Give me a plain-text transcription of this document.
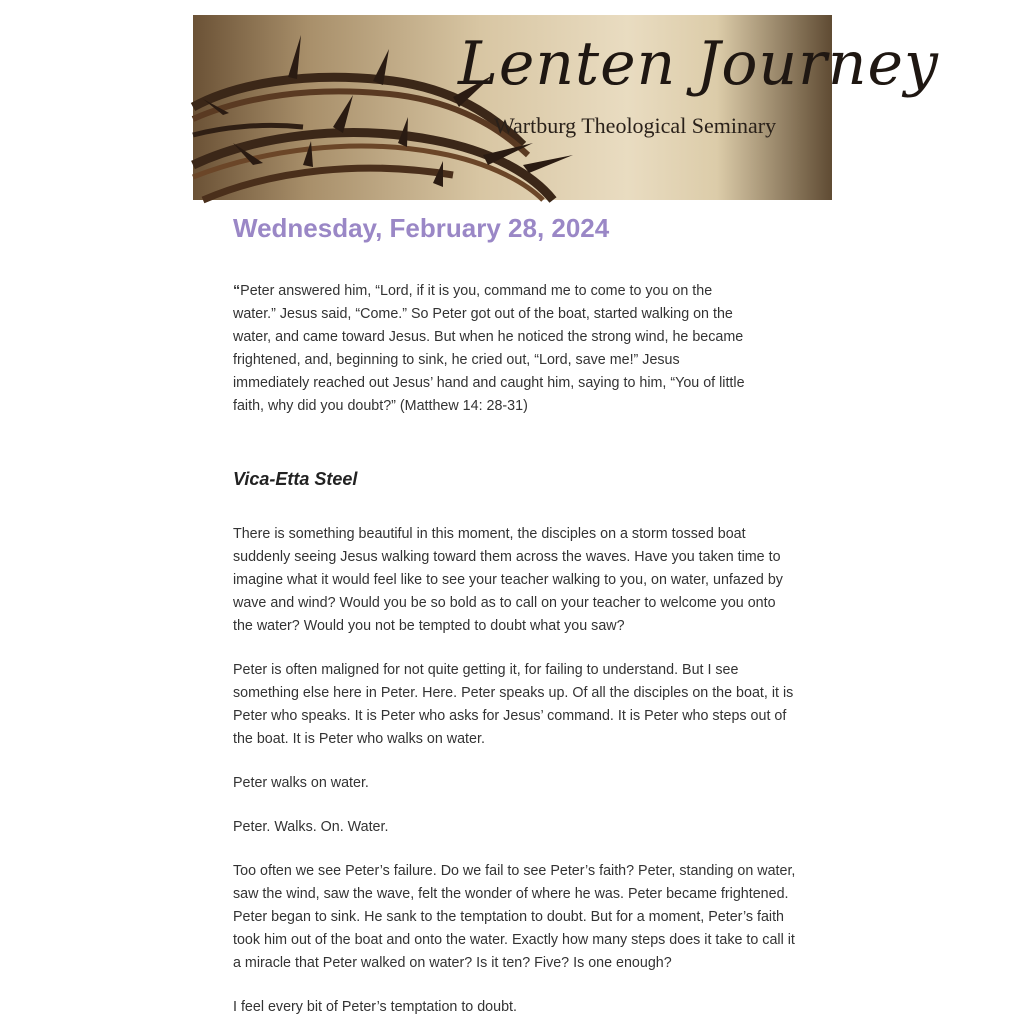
Lenten Journey
Wartburg Theological Seminary
Wednesday, February 28, 2024

“Peter answered him, “Lord, if it is you, command me to come to you on the water.” Jesus said, “Come.” So Peter got out of the boat, started walking on the water, and came toward Jesus. But when he noticed the strong wind, he became frightened, and, beginning to sink, he cried out, “Lord, save me!” Jesus immediately reached out Jesus’ hand and caught him, saying to him, “You of little faith, why did you doubt?” (Matthew 14: 28-31)

Vica-Etta Steel

There is something beautiful in this moment, the disciples on a storm tossed boat suddenly seeing Jesus walking toward them across the waves. Have you taken time to imagine what it would feel like to see your teacher walking to you, on water, unfazed by wave and wind? Would you be so bold as to call on your teacher to welcome you onto the water? Would you not be tempted to doubt what you saw?

Peter is often maligned for not quite getting it, for failing to understand. But I see something else here in Peter. Here. Peter speaks up. Of all the disciples on the boat, it is Peter who speaks. It is Peter who asks for Jesus’ command. It is Peter who steps out of the boat. It is Peter who walks on water.

Peter walks on water.

Peter. Walks. On. Water.

Too often we see Peter’s failure. Do we fail to see Peter’s faith? Peter, standing on water, saw the wind, saw the wave, felt the wonder of where he was. Peter became frightened. Peter began to sink. He sank to the temptation to doubt. But for a moment, Peter’s faith took him out of the boat and onto the water. Exactly how many steps does it take to call it a miracle that Peter walked on water? Is it ten? Five? Is one enough?

I feel every bit of Peter’s temptation to doubt.
